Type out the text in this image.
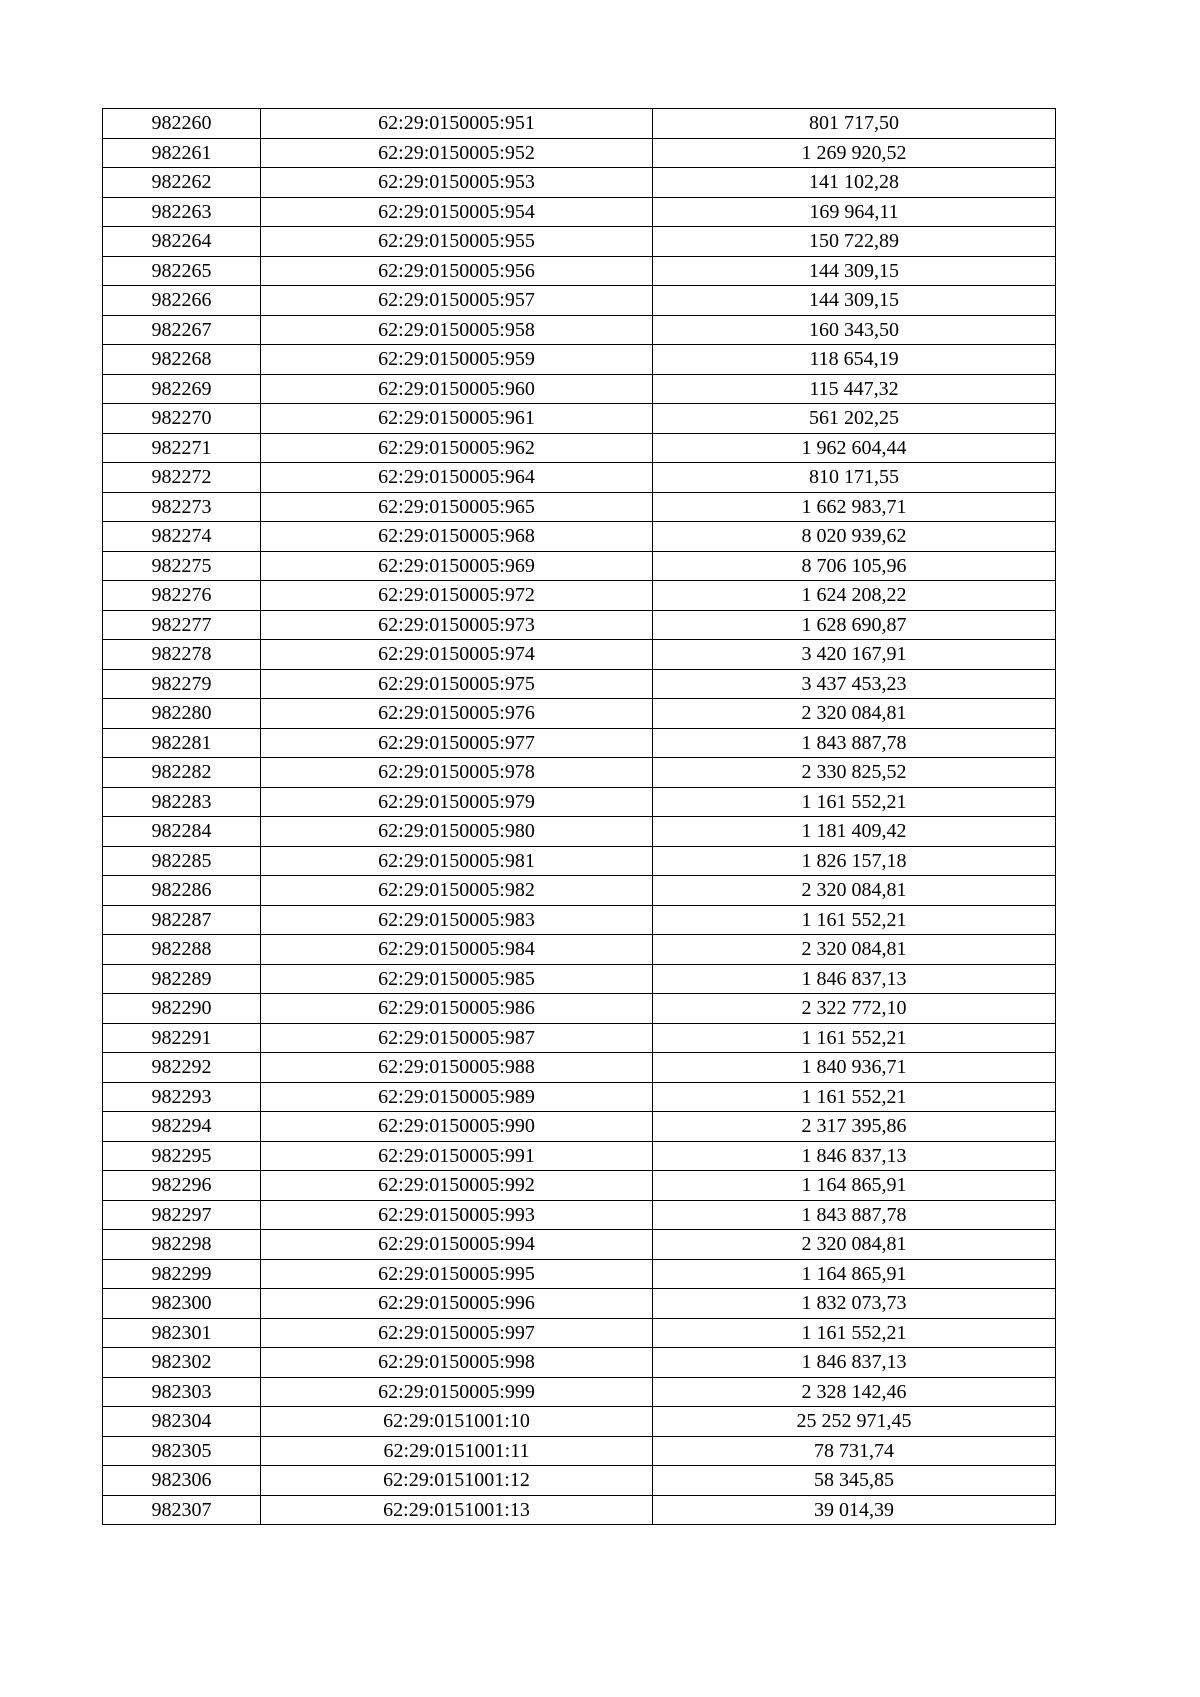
982260	62:29:0150005:951	801 717,50
982261	62:29:0150005:952	1 269 920,52
982262	62:29:0150005:953	141 102,28
982263	62:29:0150005:954	169 964,11
982264	62:29:0150005:955	150 722,89
982265	62:29:0150005:956	144 309,15
982266	62:29:0150005:957	144 309,15
982267	62:29:0150005:958	160 343,50
982268	62:29:0150005:959	118 654,19
982269	62:29:0150005:960	115 447,32
982270	62:29:0150005:961	561 202,25
982271	62:29:0150005:962	1 962 604,44
982272	62:29:0150005:964	810 171,55
982273	62:29:0150005:965	1 662 983,71
982274	62:29:0150005:968	8 020 939,62
982275	62:29:0150005:969	8 706 105,96
982276	62:29:0150005:972	1 624 208,22
982277	62:29:0150005:973	1 628 690,87
982278	62:29:0150005:974	3 420 167,91
982279	62:29:0150005:975	3 437 453,23
982280	62:29:0150005:976	2 320 084,81
982281	62:29:0150005:977	1 843 887,78
982282	62:29:0150005:978	2 330 825,52
982283	62:29:0150005:979	1 161 552,21
982284	62:29:0150005:980	1 181 409,42
982285	62:29:0150005:981	1 826 157,18
982286	62:29:0150005:982	2 320 084,81
982287	62:29:0150005:983	1 161 552,21
982288	62:29:0150005:984	2 320 084,81
982289	62:29:0150005:985	1 846 837,13
982290	62:29:0150005:986	2 322 772,10
982291	62:29:0150005:987	1 161 552,21
982292	62:29:0150005:988	1 840 936,71
982293	62:29:0150005:989	1 161 552,21
982294	62:29:0150005:990	2 317 395,86
982295	62:29:0150005:991	1 846 837,13
982296	62:29:0150005:992	1 164 865,91
982297	62:29:0150005:993	1 843 887,78
982298	62:29:0150005:994	2 320 084,81
982299	62:29:0150005:995	1 164 865,91
982300	62:29:0150005:996	1 832 073,73
982301	62:29:0150005:997	1 161 552,21
982302	62:29:0150005:998	1 846 837,13
982303	62:29:0150005:999	2 328 142,46
982304	62:29:0151001:10	25 252 971,45
982305	62:29:0151001:11	78 731,74
982306	62:29:0151001:12	58 345,85
982307	62:29:0151001:13	39 014,39
